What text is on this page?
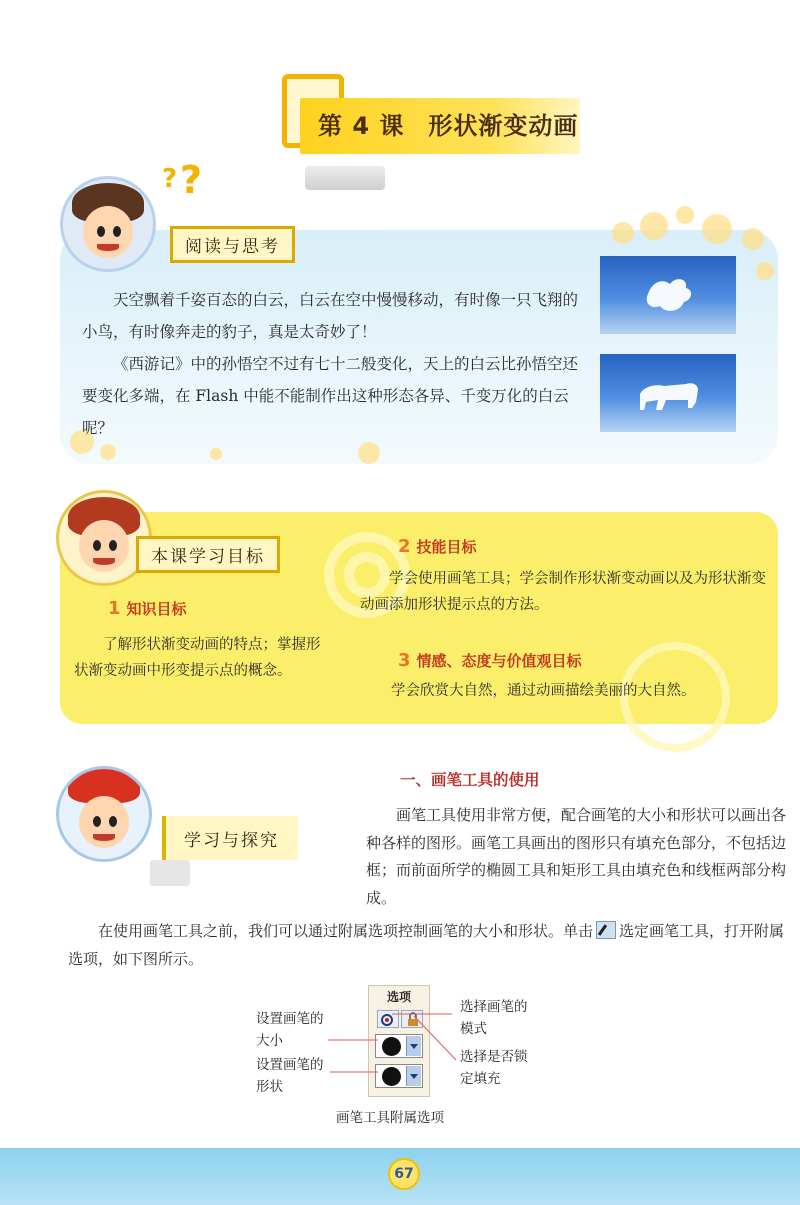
第 4 课 形状渐变动画
? ?
阅读与思考

天空飘着千姿百态的白云，白云在空中慢慢移动，有时像一只飞翔的小鸟，有时像奔走的豹子，真是太奇妙了！

《西游记》中的孙悟空不过有七十二般变化，天上的白云比孙悟空还要变化多端，在 Flash 中能不能制作出这种形态各异、千变万化的白云呢？

本课学习目标
1 知识目标
了解形状渐变动画的特点；掌握形状渐变动画中形变提示点的概念。
2 技能目标
学会使用画笔工具；学会制作形状渐变动画以及为形状渐变动画添加形状提示点的方法。
3 情感、态度与价值观目标
学会欣赏大自然，通过动画描绘美丽的大自然。
学习与探究
一、画笔工具的使用

画笔工具使用非常方便，配合画笔的大小和形状可以画出各种各样的图形。画笔工具画出的图形只有填充色部分，不包括边框；而前面所学的椭圆工具和矩形工具由填充色和线框两部分构成。

在使用画笔工具之前，我们可以通过附属选项控制画笔的大小和形状。单击 选定画笔工具，打开附属选项，如下图所示。

选项
设置画笔的大小
设置画笔的形状
选择画笔的模式
选择是否锁定填充
画笔工具附属选项
67
